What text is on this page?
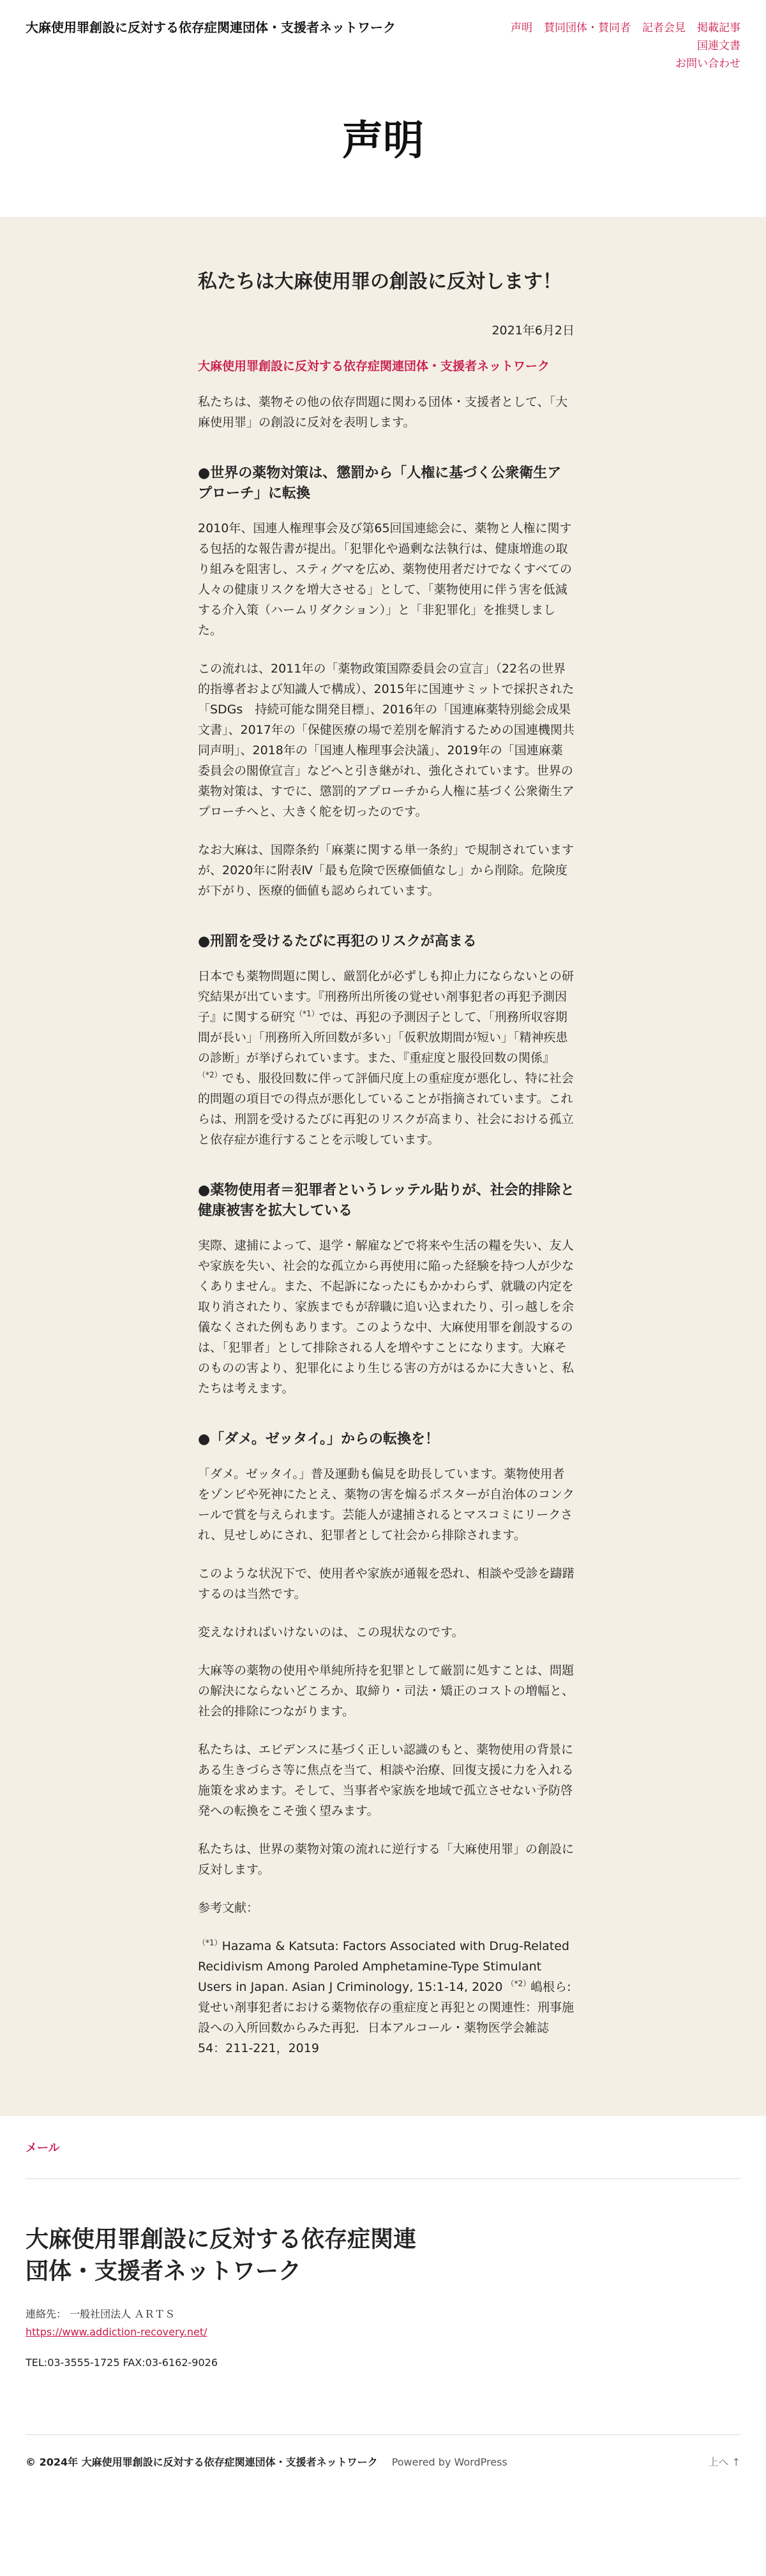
大麻使用罪創設に反対する依存症関連団体・支援者ネットワーク	声明 賛同団体・賛同者 記者会見 掲載記事国連文書
お問い合わせ
声明
私たちは大麻使用罪の創設に反対します！
2021年6月2日
大麻使用罪創設に反対する依存症関連団体・支援者ネットワーク

私たちは、薬物その他の依存問題に関わる団体・支援者として、「大麻使用罪」の創設に反対を表明します。

●世界の薬物対策は、懲罰から「人権に基づく公衆衛生アプローチ」に転換

2010年、国連人権理事会及び第65回国連総会に、薬物と人権に関する包括的な報告書が提出。「犯罪化や過剰な法執行は、健康増進の取り組みを阻害し、スティグマを広め、薬物使用者だけでなくすべての人々の健康リスクを増大させる」として、「薬物使用に伴う害を低減する介入策（ハームリダクション）」と「非犯罪化」を推奨しました。

この流れは、2011年の「薬物政策国際委員会の宣言」（22名の世界的指導者および知識人で構成）、2015年に国連サミットで採択された「SDGs　持続可能な開発目標」、2016年の「国連麻薬特別総会成果文書」、2017年の「保健医療の場で差別を解消するための国連機関共同声明」、2018年の「国連人権理事会決議」、2019年の「国連麻薬委員会の閣僚宣言」などへと引き継がれ、強化されています。世界の薬物対策は、すでに、懲罰的アプローチから人権に基づく公衆衛生アプローチへと、大きく舵を切ったのです。

なお大麻は、国際条約「麻薬に関する単一条約」で規制されていますが、2020年に附表Ⅳ「最も危険で医療価値なし」から削除。危険度が下がり、医療的価値も認められています。

●刑罰を受けるたびに再犯のリスクが高まる

日本でも薬物問題に関し、厳罰化が必ずしも抑止力にならないとの研究結果が出ています。『刑務所出所後の覚せい剤事犯者の再犯予測因子』に関する研究$^{(*1)}$では、再犯の予測因子として、「刑務所収容期間が長い」「刑務所入所回数が多い」「仮釈放期間が短い」「精神疾患の診断」が挙げられています。また、『重症度と服役回数の関係』$^{(*2)}$でも、服役回数に伴って評価尺度上の重症度が悪化し、特に社会的問題の項目での得点が悪化していることが指摘されています。これらは、刑罰を受けるたびに再犯のリスクが高まり、社会における孤立と依存症が進行することを示唆しています。

●薬物使用者＝犯罪者というレッテル貼りが、社会的排除と健康被害を拡大している

実際、逮捕によって、退学・解雇などで将来や生活の糧を失い、友人や家族を失い、社会的な孤立から再使用に陥った経験を持つ人が少なくありません。また、不起訴になったにもかかわらず、就職の内定を取り消されたり、家族までもが辞職に追い込まれたり、引っ越しを余儀なくされた例もあります。このような中、大麻使用罪を創設するのは、「犯罪者」として排除される人を増やすことになります。大麻そのものの害より、犯罪化により生じる害の方がはるかに大きいと、私たちは考えます。

●「ダメ。ゼッタイ。」からの転換を！

「ダメ。ゼッタイ。」普及運動も偏見を助長しています。薬物使用者をゾンビや死神にたとえ、薬物の害を煽るポスターが自治体のコンクールで賞を与えられます。芸能人が逮捕されるとマスコミにリークされ、見せしめにされ、犯罪者として社会から排除されます。

このような状況下で、使用者や家族が通報を恐れ、相談や受診を躊躇するのは当然です。

変えなければいけないのは、この現状なのです。

大麻等の薬物の使用や単純所持を犯罪として厳罰に処すことは、問題の解決にならないどころか、取締り・司法・矯正のコストの増幅と、社会的排除につながります。

私たちは、エビデンスに基づく正しい認識のもと、薬物使用の背景にある生きづらさ等に焦点を当て、相談や治療、回復支援に力を入れる施策を求めます。そして、当事者や家族を地域で孤立させない予防啓発への転換をこそ強く望みます。

私たちは、世界の薬物対策の流れに逆行する「大麻使用罪」の創設に反対します。

参考文献：

$^{(*1)}$Hazama & Katsuta: Factors Associated with Drug-Related Recidivism Among Paroled Amphetamine-Type Stimulant Users in Japan. Asian J Criminology, 15:1-14, 2020 $^{(*2)}$嶋根ら: 覚せい剤事犯者における薬物依存の重症度と再犯との関連性：刑事施設への入所回数からみた再犯．日本アルコール・薬物医学会雑誌 54：211-221，2019
メール
大麻使用罪創設に反対する依存症関連団体・支援者ネットワーク
連絡先： 一般社団法人 ＡＲＴＳ
https://www.addiction-recovery.net/
TEL:03-3555-1725 FAX:03-6162-9026
© 2024年 大麻使用罪創設に反対する依存症関連団体・支援者ネットワーク Powered by WordPress	上へ ↑
